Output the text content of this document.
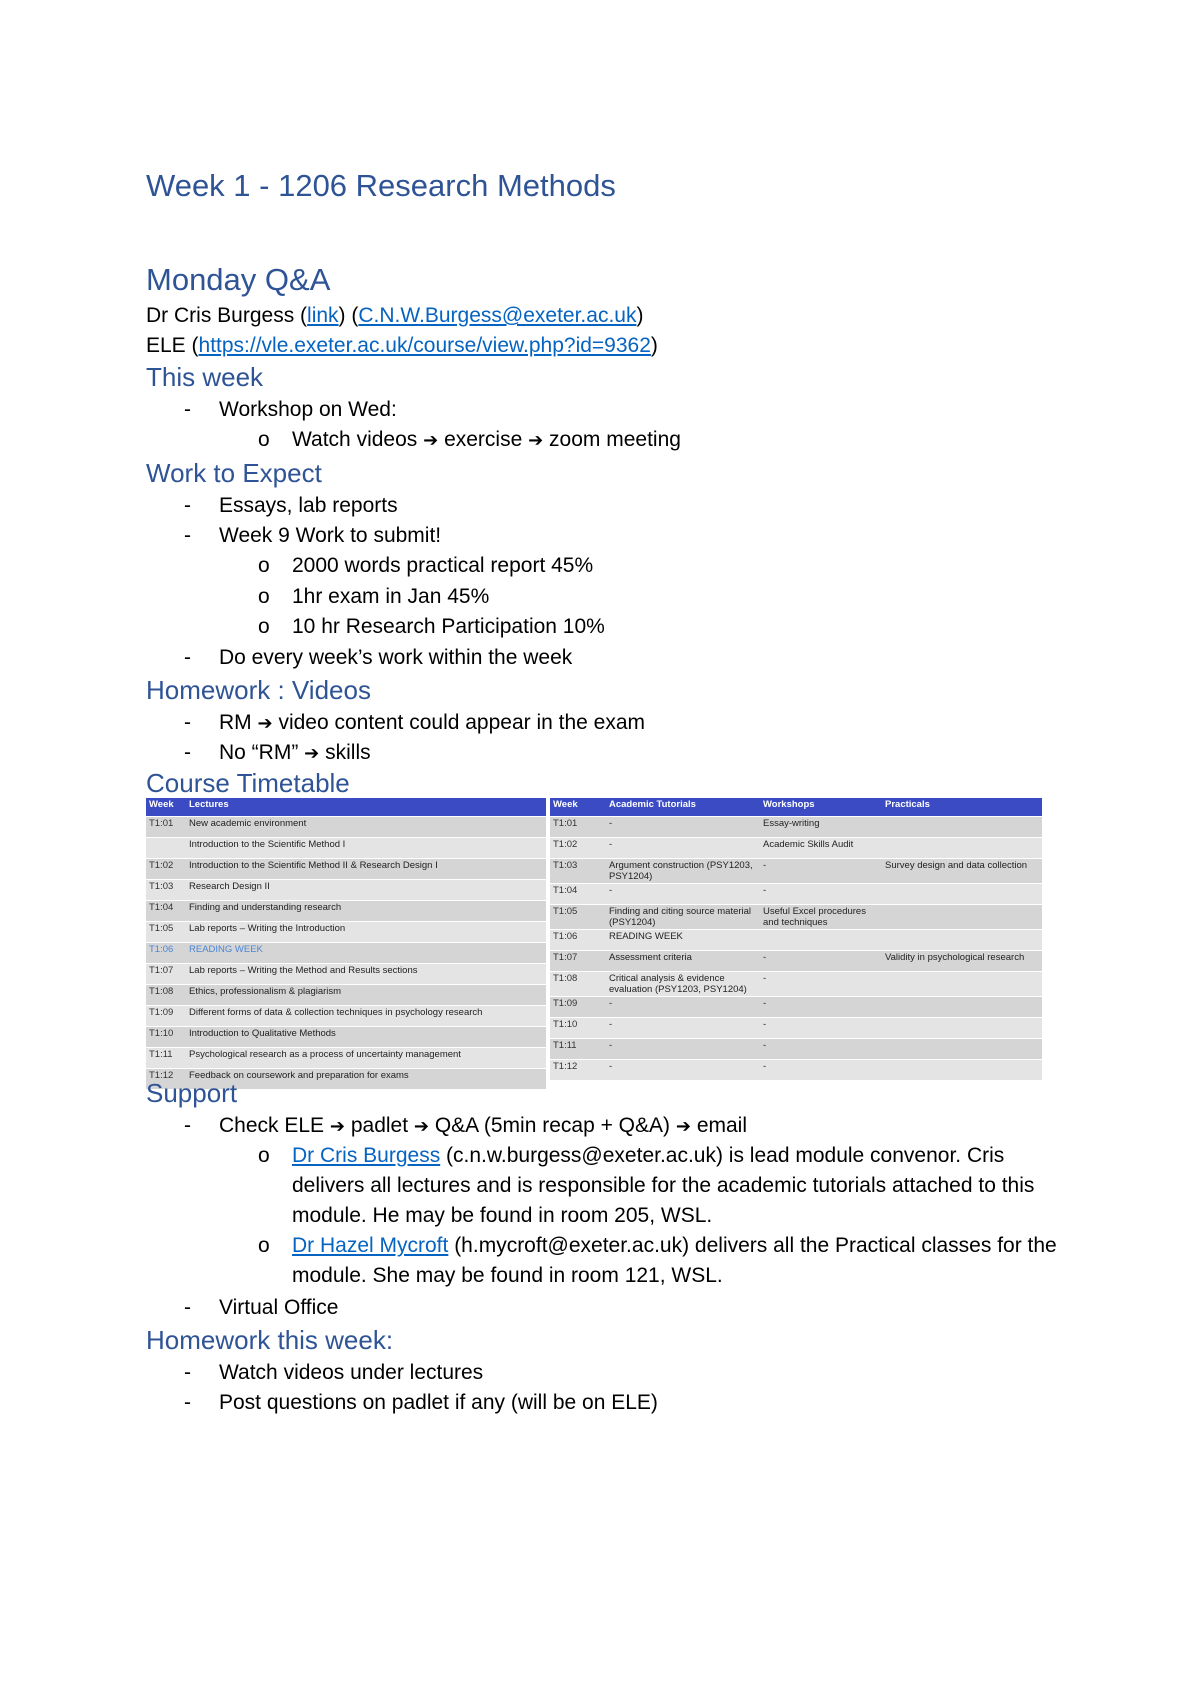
Week 1 - 1206 Research Methods
Monday Q&A
Dr Cris Burgess (link) (C.N.W.Burgess@exeter.ac.uk)
ELE (https://vle.exeter.ac.uk/course/view.php?id=9362)
This week
- Workshop on Wed:
o Watch videos ➔ exercise ➔ zoom meeting
Work to Expect
- Essays, lab reports
- Week 9 Work to submit!
o 2000 words practical report 45%
o 1hr exam in Jan 45%
o 10 hr Research Participation 10%
- Do every week’s work within the week
Homework : Videos
- RM ➔ video content could appear in the exam
- No “RM” ➔ skills
Course Timetable
Week	Lectures
T1:01	New academic environment
	Introduction to the Scientific Method I
T1:02	Introduction to the Scientific Method II & Research Design I
T1:03	Research Design II
T1:04	Finding and understanding research
T1:05	Lab reports – Writing the Introduction
T1:06	READING WEEK
T1:07	Lab reports – Writing the Method and Results sections
T1:08	Ethics, professionalism & plagiarism
T1:09	Different forms of data & collection techniques in psychology research
T1:10	Introduction to Qualitative Methods
T1:11	Psychological research as a process of uncertainty management
T1:12	Feedback on coursework and preparation for exams
Week	Academic Tutorials	Workshops	Practicals
T1:01	-	Essay-writing	
T1:02	-	Academic Skills Audit	
T1:03	Argument construction (PSY1203, PSY1204)	-	Survey design and data collection
T1:04	-	-	
T1:05	Finding and citing source material (PSY1204)	Useful Excel procedures and techniques	
T1:06	READING WEEK		
T1:07	Assessment criteria	-	Validity in psychological research
T1:08	Critical analysis & evidence evaluation (PSY1203, PSY1204)	-	
T1:09	-	-	
T1:10	-	-	
T1:11	-	-	
T1:12	-	-	
Support
- Check ELE ➔ padlet ➔ Q&A (5min recap + Q&A) ➔ email
o Dr Cris Burgess (c.n.w.burgess@exeter.ac.uk) is lead module convenor. Cris delivers all lectures and is responsible for the academic tutorials attached to this module. He may be found in room 205, WSL.
o Dr Hazel Mycroft (h.mycroft@exeter.ac.uk) delivers all the Practical classes for the module. She may be found in room 121, WSL.
- Virtual Office
Homework this week:
- Watch videos under lectures
- Post questions on padlet if any (will be on ELE)
